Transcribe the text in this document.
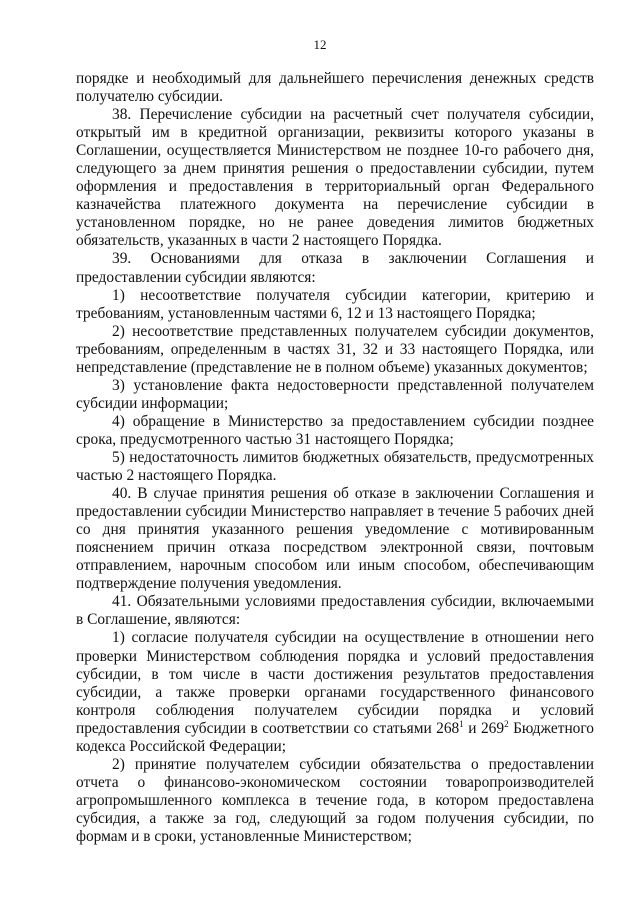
12

порядке и необходимый для дальнейшего перечисления денежных средств получателю субсидии.

38. Перечисление субсидии на расчетный счет получателя субсидии, открытый им в кредитной организации, реквизиты которого указаны в Соглашении, осуществляется Министерством не позднее 10-го рабочего дня, следующего за днем принятия решения о предоставлении субсидии, путем оформления и предоставления в территориальный орган Федерального казначейства платежного документа на перечисление субсидии в установленном порядке, но не ранее доведения лимитов бюджетных обязательств, указанных в части 2 настоящего Порядка.

39. Основаниями для отказа в заключении Соглашения и предоставлении субсидии являются:

1) несоответствие получателя субсидии категории, критерию и требованиям, установленным частями 6, 12 и 13 настоящего Порядка;

2) несоответствие представленных получателем субсидии документов, требованиям, определенным в частях 31, 32 и 33 настоящего Порядка, или непредставление (представление не в полном объеме) указанных документов;

3) установление факта недостоверности представленной получателем субсидии информации;

4) обращение в Министерство за предоставлением субсидии позднее срока, предусмотренного частью 31 настоящего Порядка;

5) недостаточность лимитов бюджетных обязательств, предусмотренных частью 2 настоящего Порядка.

40. В случае принятия решения об отказе в заключении Соглашения и предоставлении субсидии Министерство направляет в течение 5 рабочих дней со дня принятия указанного решения уведомление с мотивированным пояснением причин отказа посредством электронной связи, почтовым отправлением, нарочным способом или иным способом, обеспечивающим подтверждение получения уведомления.

41. Обязательными условиями предоставления субсидии, включаемыми в Соглашение, являются:

1) согласие получателя субсидии на осуществление в отношении него проверки Министерством соблюдения порядка и условий предоставления субсидии, в том числе в части достижения результатов предоставления субсидии, а также проверки органами государственного финансового контроля соблюдения получателем субсидии порядка и условий предоставления субсидии в соответствии со статьями $268^1$ и $269^2$ Бюджетного кодекса Российской Федерации;

2) принятие получателем субсидии обязательства о предоставлении отчета о финансово-экономическом состоянии товаропроизводителей агропромышленного комплекса в течение года, в котором предоставлена субсидия, а также за год, следующий за годом получения субсидии, по формам и в сроки, установленные Министерством;
